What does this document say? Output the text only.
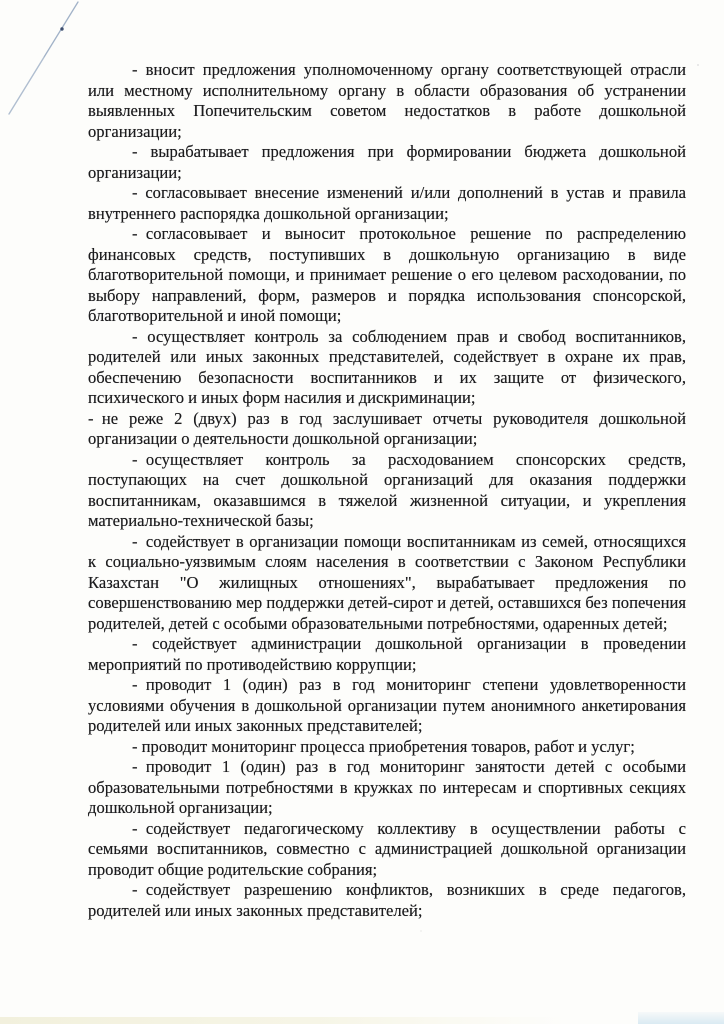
- вносит предложения уполномоченному органу соответствующей отрасли или местному исполнительному органу в области образования об устранении выявленных Попечительским советом недостатков в работе дошкольной организации;

- вырабатывает предложения при формировании бюджета дошкольной организации;

- согласовывает внесение изменений и/или дополнений в устав и правила внутреннего распорядка дошкольной организации;

- согласовывает и выносит протокольное решение по распределению финансовых средств, поступивших в дошкольную организацию в виде благотворительной помощи, и принимает решение о его целевом расходовании, по выбору направлений, форм, размеров и порядка использования спонсорской, благотворительной и иной помощи;

- осуществляет контроль за соблюдением прав и свобод воспитанников, родителей или иных законных представителей, содействует в охране их прав, обеспечению безопасности воспитанников и их защите от физического, психического и иных форм насилия и дискриминации;

- не реже 2 (двух) раз в год заслушивает отчеты руководителя дошкольной организации о деятельности дошкольной организации;

- осуществляет контроль за расходованием спонсорских средств, поступающих на счет дошкольной организаций для оказания поддержки воспитанникам, оказавшимся в тяжелой жизненной ситуации, и укрепления материально-технической базы;

- содействует в организации помощи воспитанникам из семей, относящихся к социально-уязвимым слоям населения в соответствии с Законом Республики Казахстан "О жилищных отношениях", вырабатывает предложения по совершенствованию мер поддержки детей-сирот и детей, оставшихся без попечения родителей, детей с особыми образовательными потребностями, одаренных детей;

- содействует администрации дошкольной организации в проведении мероприятий по противодействию коррупции;

- проводит 1 (один) раз в год мониторинг степени удовлетворенности условиями обучения в дошкольной организации путем анонимного анкетирования родителей или иных законных представителей;

- проводит мониторинг процесса приобретения товаров, работ и услуг;

- проводит 1 (один) раз в год мониторинг занятости детей с особыми образовательными потребностями в кружках по интересам и спортивных секциях дошкольной организации;

- содействует педагогическому коллективу в осуществлении работы с семьями воспитанников, совместно с администрацией дошкольной организации проводит общие родительские собрания;

- содействует разрешению конфликтов, возникших в среде педагогов, родителей или иных законных представителей;
